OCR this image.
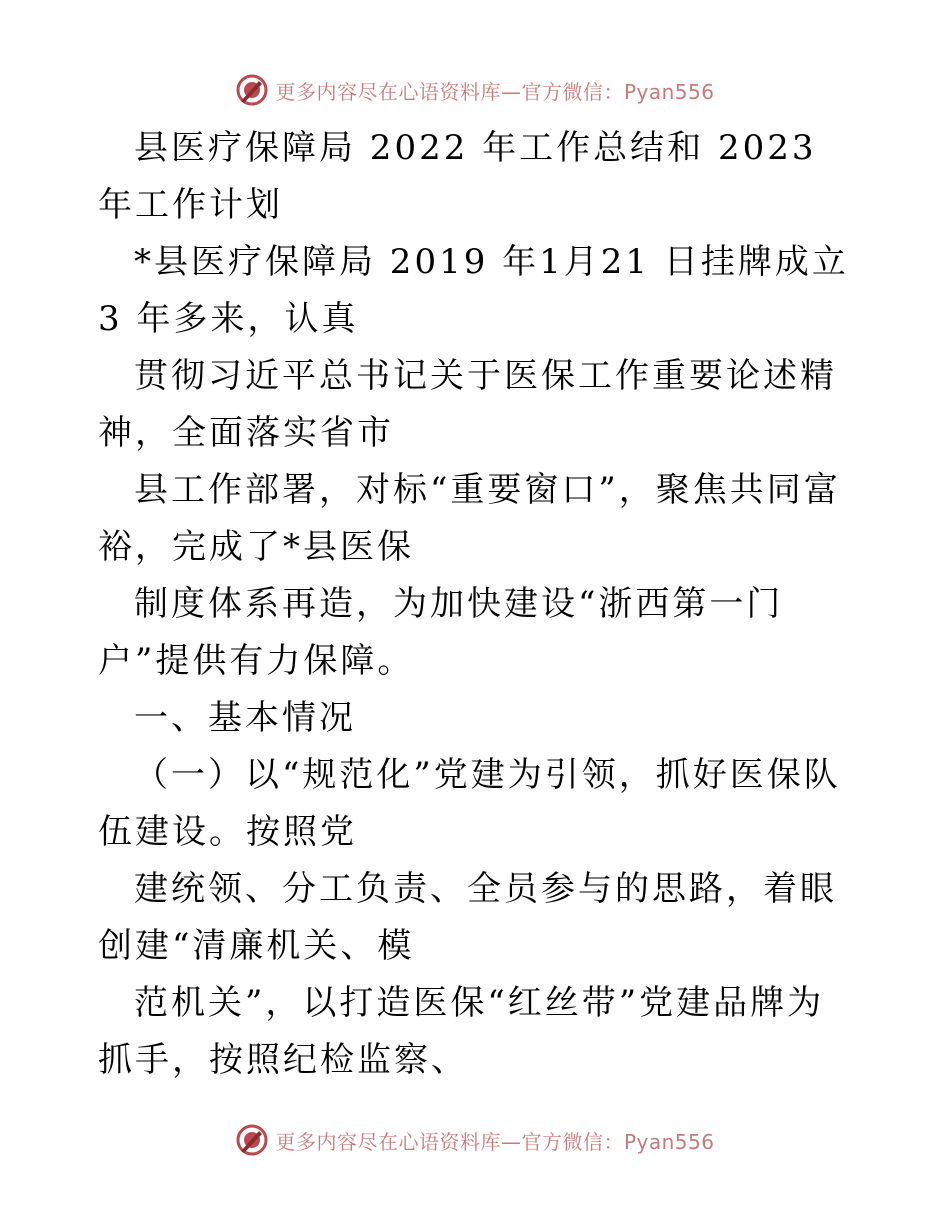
更多内容尽在心语资料库—官方微信：Pyan556

县医疗保障局 2022 年工作总结和 2023 年工作计划

*县医疗保障局 2019 年1月21 日挂牌成立 3 年多来，认真

贯彻习近平总书记关于医保工作重要论述精神，全面落实省市

县工作部署，对标“重要窗口”，聚焦共同富裕，完成了*县医保

制度体系再造，为加快建设“浙西第一门户”提供有力保障。

一、基本情况

（一）以“规范化”党建为引领，抓好医保队伍建设。按照党

建统领、分工负责、全员参与的思路，着眼创建“清廉机关、模

范机关”，以打造医保“红丝带”党建品牌为抓手，按照纪检监察、

更多内容尽在心语资料库—官方微信：Pyan556
